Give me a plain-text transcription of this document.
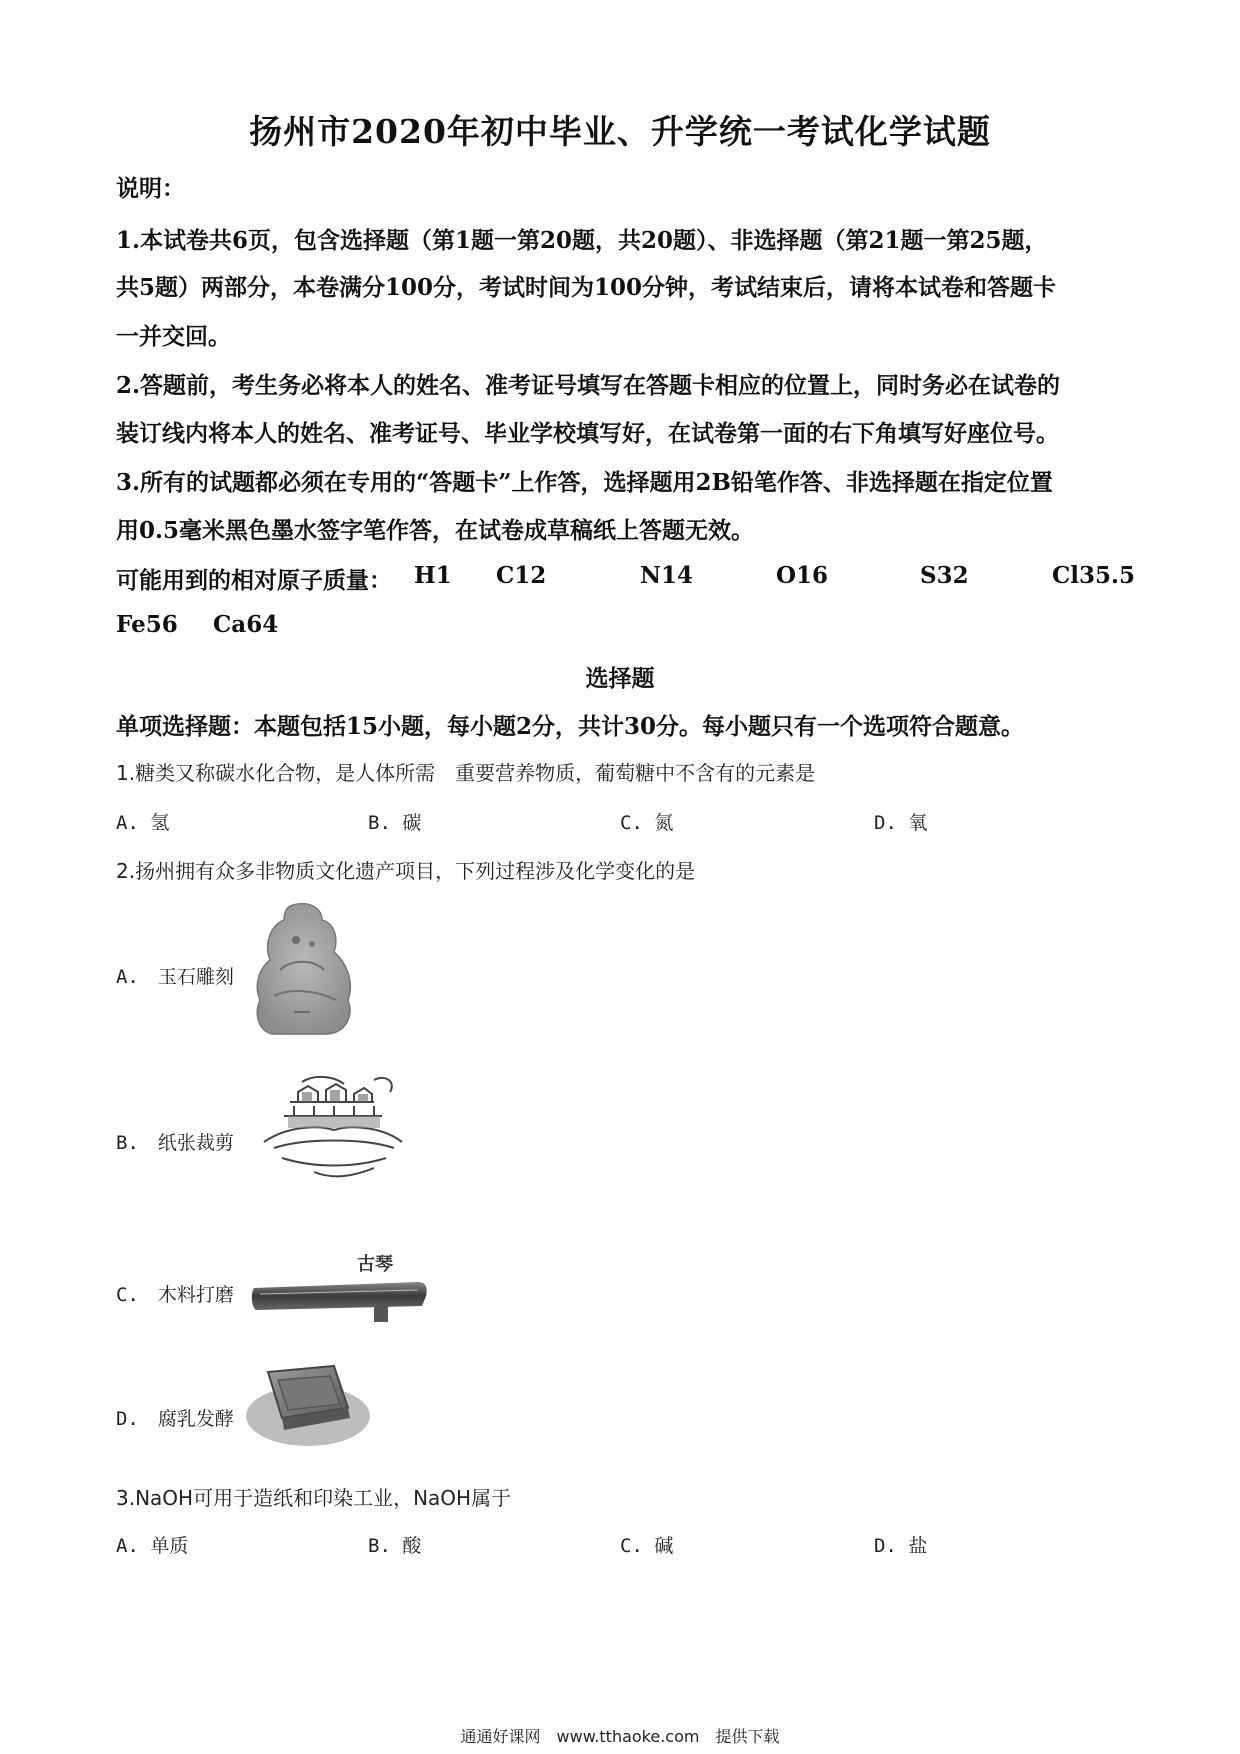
扬州市2020年初中毕业、升学统一考试化学试题
说明：
1.本试卷共6页，包含选择题（第1题一第20题，共20题）、非选择题（第21题一第25题，
共5题）两部分，本卷满分100分，考试时间为100分钟，考试结束后，请将本试卷和答题卡
一并交回。
2.答题前，考生务必将本人的姓名、准考证号填写在答题卡相应的位置上，同时务必在试卷的
装订线内将本人的姓名、准考证号、毕业学校填写好，在试卷第一面的右下角填写好座位号。
3.所有的试题都必须在专用的“答题卡”上作答，选择题用2B铅笔作答、非选择题在指定位置
用0.5毫米黑色墨水签字笔作答，在试卷成草稿纸上答题无效。
可能用到的相对原子质量： H1 C12	N14	O16	S32	Cl35.5
Fe56 Ca64
选择题
单项选择题：本题包括15小题，每小题2分，共计30分。每小题只有一个选项符合题意。
1.糖类又称碳水化合物，是人体所需　重要营养物质，葡萄糖中不含有的元素是
A. 氢	B. 碳	C. 氮	D. 氧
2.扬州拥有众多非物质文化遗产项目，下列过程涉及化学变化的是
A.　玉石雕刻
B.　纸张裁剪
C.　木料打磨
古琴
D.　腐乳发酵
3.NaOH可用于造纸和印染工业，NaOH属于
A. 单质	B. 酸	C. 碱	D. 盐
通通好课网　www.tthaoke.com　提供下载
